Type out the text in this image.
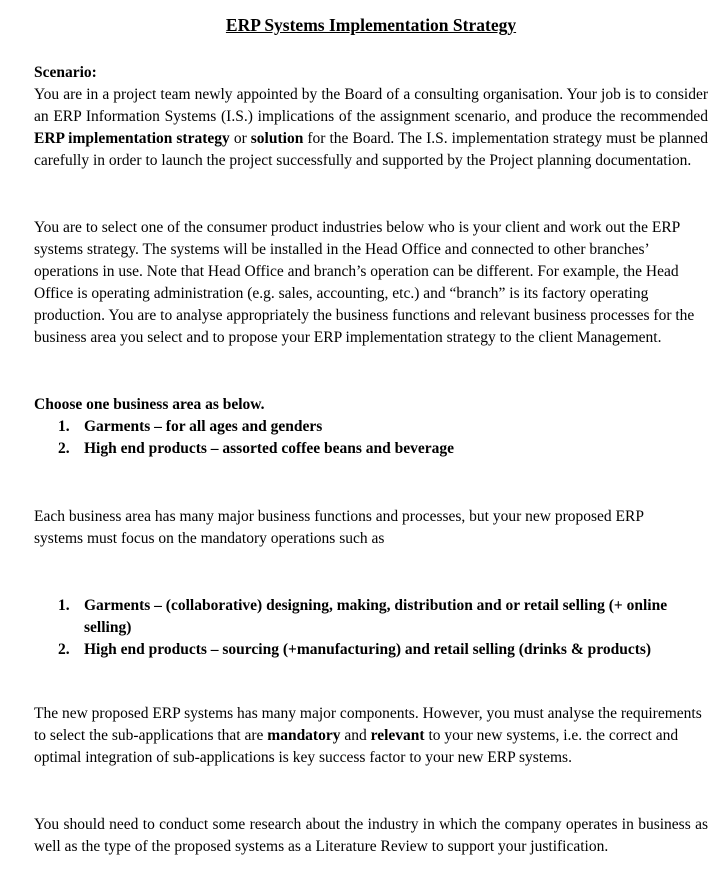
ERP Systems Implementation Strategy

Scenario:
You are in a project team newly appointed by the Board of a consulting organisation. Your job is to consider an ERP Information Systems (I.S.) implications of the assignment scenario, and produce the recommended ERP implementation strategy or solution for the Board. The I.S. implementation strategy must be planned carefully in order to launch the project successfully and supported by the Project planning documentation.

You are to select one of the consumer product industries below who is your client and work out the ERP systems strategy. The systems will be installed in the Head Office and connected to other branches’ operations in use. Note that Head Office and branch’s operation can be different. For example, the Head Office is operating administration (e.g. sales, accounting, etc.) and “branch” is its factory operating production. You are to analyse appropriately the business functions and relevant business processes for the business area you select and to propose your ERP implementation strategy to the client Management.

Choose one business area as below.
1. Garments – for all ages and genders
2. High end products – assorted coffee beans and beverage

Each business area has many major business functions and processes, but your new proposed ERP systems must focus on the mandatory operations such as

1. Garments – (collaborative) designing, making, distribution and or retail selling (+ online selling)
2. High end products – sourcing (+manufacturing) and retail selling (drinks & products)

The new proposed ERP systems has many major components. However, you must analyse the requirements to select the sub-applications that are mandatory and relevant to your new systems, i.e. the correct and optimal integration of sub-applications is key success factor to your new ERP systems.

You should need to conduct some research about the industry in which the company operates in business as well as the type of the proposed systems as a Literature Review to support your justification.
